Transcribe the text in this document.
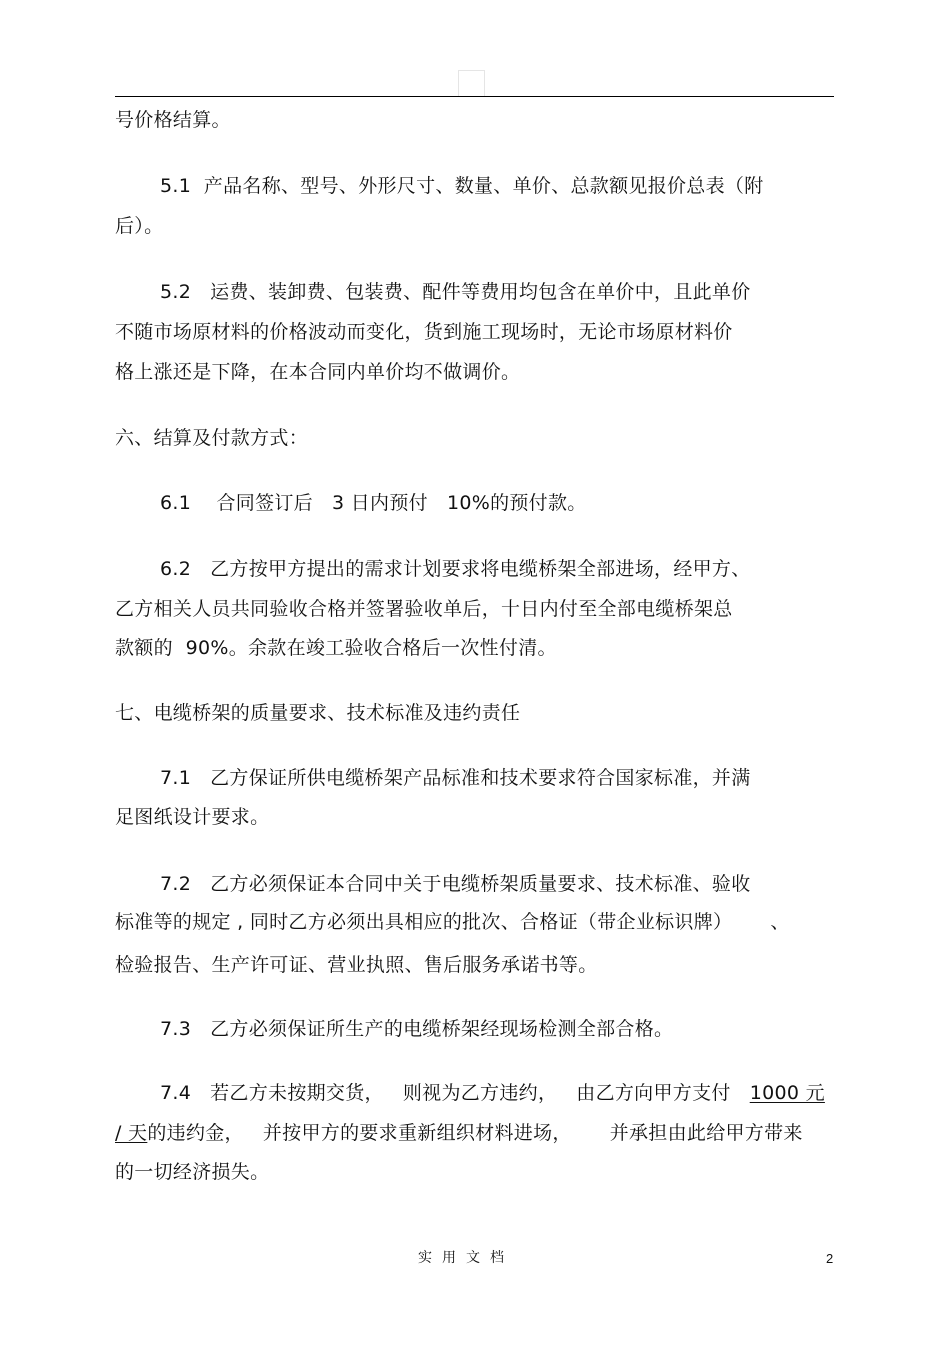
号价格结算。
5.1  产品名称、型号、外形尺寸、数量、单价、总款额见报价总表（附
后）。
5.2   运费、装卸费、包装费、配件等费用均包含在单价中，且此单价
不随市场原材料的价格波动而变化，货到施工现场时，无论市场原材料价
格上涨还是下降，在本合同内单价均不做调价。
六、结算及付款方式：
6.1    合同签订后   3 日内预付   10%的预付款。
6.2   乙方按甲方提出的需求计划要求将电缆桥架全部进场，经甲方、
乙方相关人员共同验收合格并签署验收单后，十日内付至全部电缆桥架总
款额的  90%。余款在竣工验收合格后一次性付清。
七、电缆桥架的质量要求、技术标准及违约责任
7.1   乙方保证所供电缆桥架产品标准和技术要求符合国家标准，并满
足图纸设计要求。
7.2   乙方必须保证本合同中关于电缆桥架质量要求、技术标准、验收
标准等的规定 , 同时乙方必须出具相应的批次、合格证（带企业标识牌）      、
检验报告、生产许可证、营业执照、售后服务承诺书等。
7.3   乙方必须保证所生产的电缆桥架经现场检测全部合格。
7.4   若乙方未按期交货，   则视为乙方违约，   由乙方向甲方支付   1000 元
/ 天的违约金，   并按甲方的要求重新组织材料进场，      并承担由此给甲方带来
的一切经济损失。
实用文档	2
